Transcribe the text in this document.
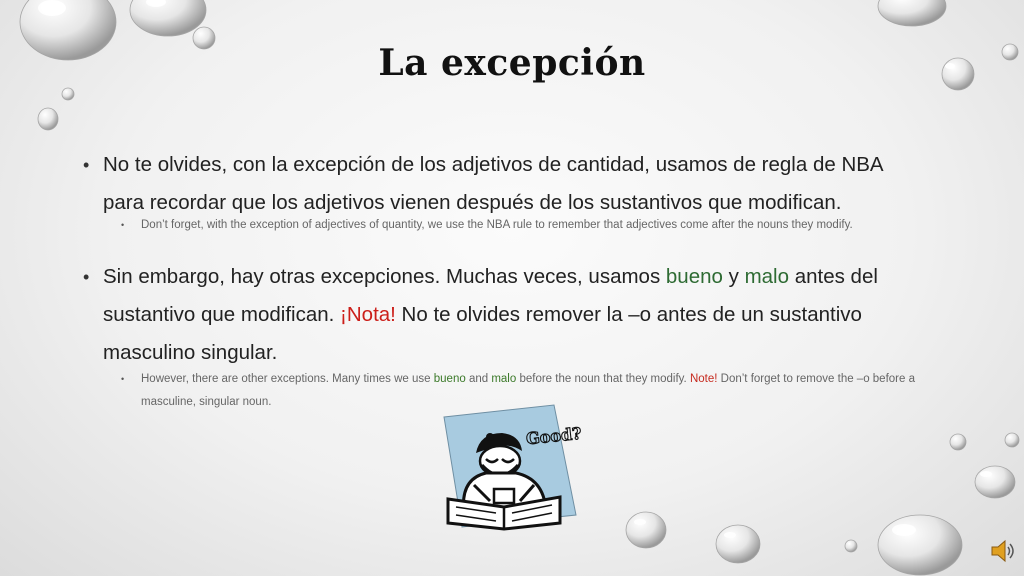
La excepción
• No te olvides, con la excepción de los adjetivos de cantidad, usamos de regla de NBA para recordar que los adjetivos vienen después de los sustantivos que modifican.
• Don’t forget, with the exception of adjectives of quantity, we use the NBA rule to remember that adjectives come after the nouns they modify.
• Sin embargo, hay otras excepciones. Muchas veces, usamos bueno y malo antes del sustantivo que modifican. ¡Nota! No te olvides remover la –o antes de un sustantivo masculino singular.
• However, there are other exceptions. Many times we use bueno and malo before the noun that they modify. Note! Don’t forget to remove the –o before a masculine, singular noun.
Good?
